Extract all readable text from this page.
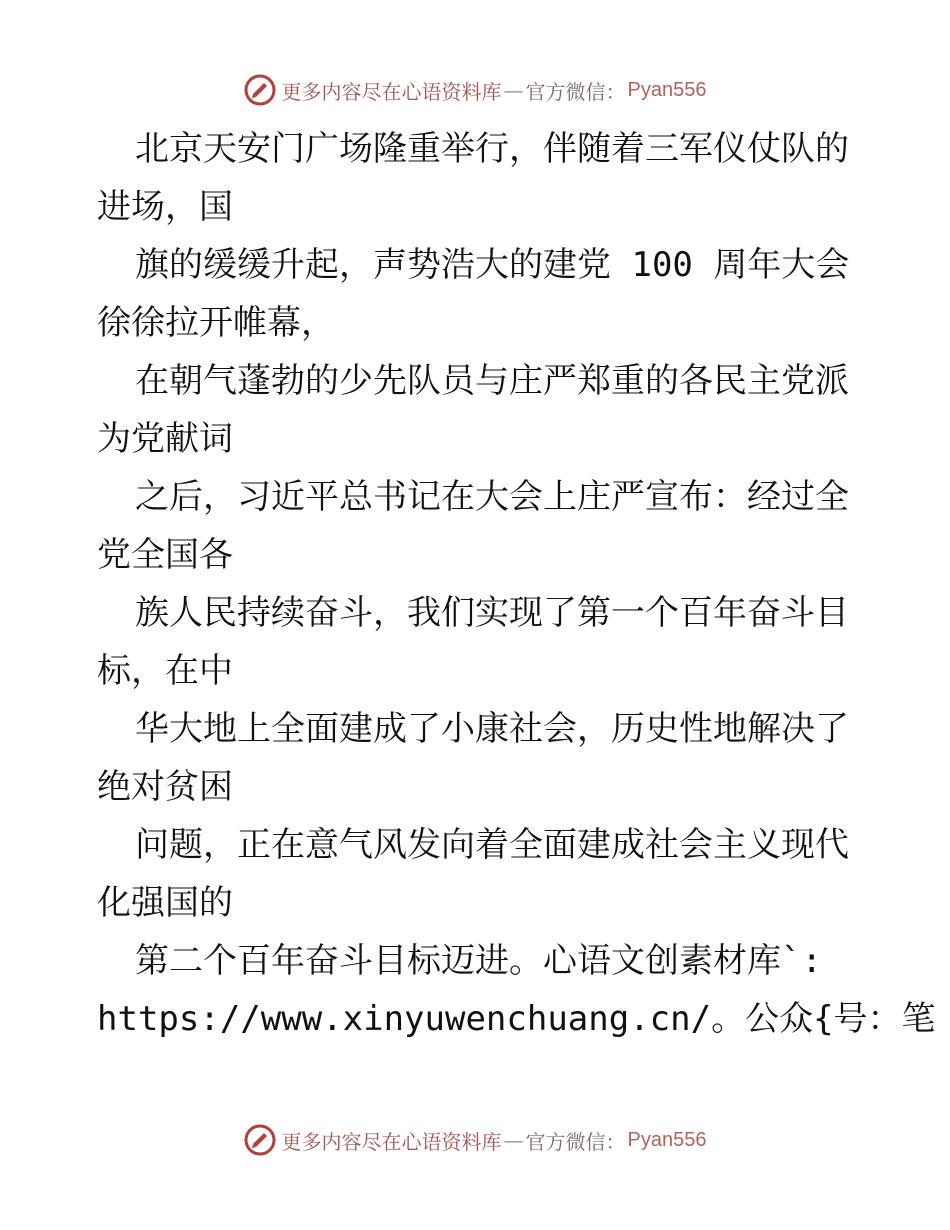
更多内容尽在心语资料库 — 官方微信： Pyan556
北京天安门广场隆重举行，伴随着三军仪仗队的
进场，国
旗的缓缓升起，声势浩大的建党 100 周年大会
徐徐拉开帷幕，
在朝气蓬勃的少先队员与庄严郑重的各民主党派
为党献词
之后，习近平总书记在大会上庄严宣布：经过全
党全国各
族人民持续奋斗，我们实现了第一个百年奋斗目
标，在中
华大地上全面建成了小康社会，历史性地解决了
绝对贫困
问题，正在意气风发向着全面建成社会主义现代
化强国的
第二个百年奋斗目标迈进。心语文创素材库`:
https://www.xinyuwenchuang.cn/。公众{号：笔
更多内容尽在心语资料库 — 官方微信： Pyan556
